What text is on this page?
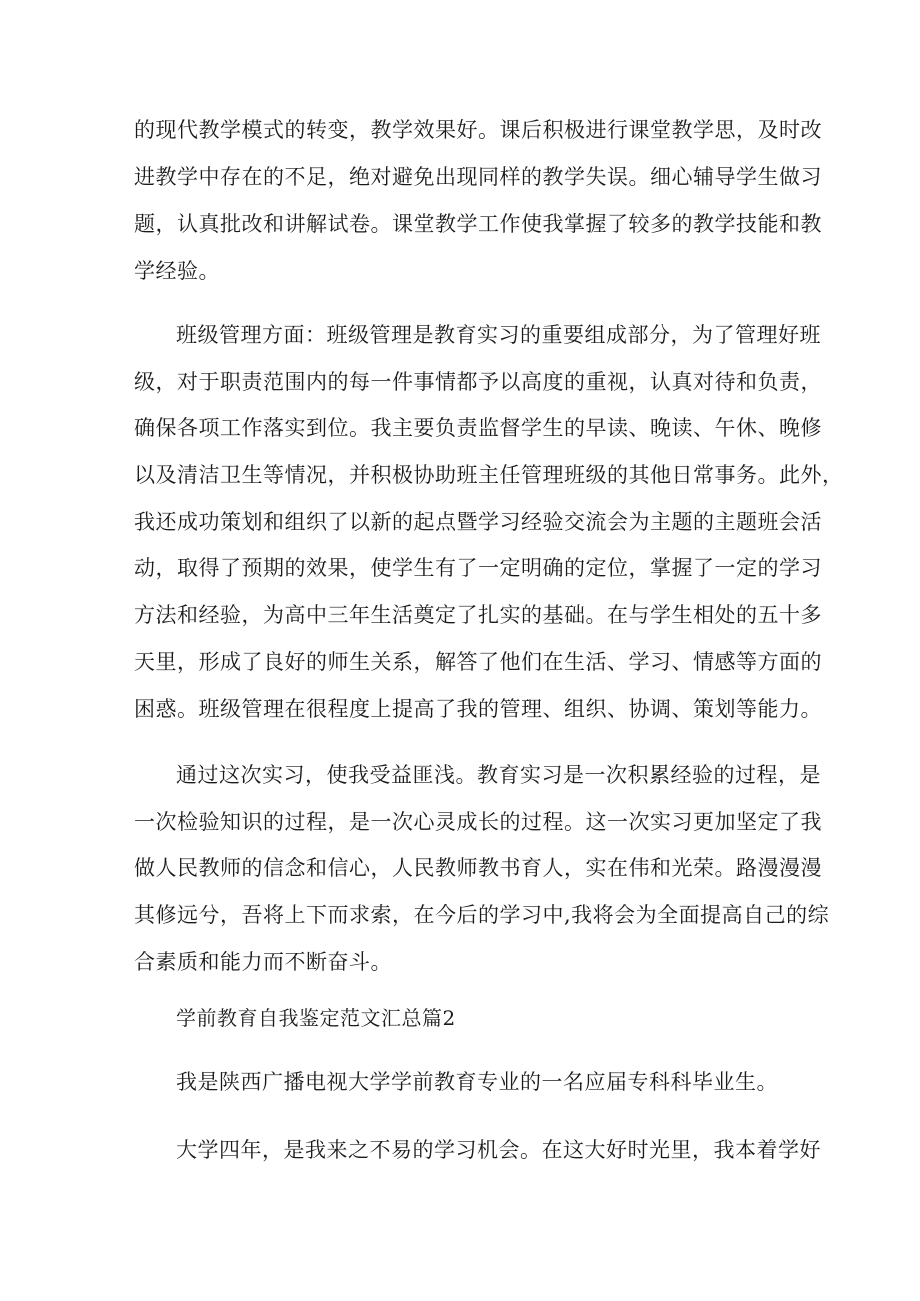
的现代教学模式的转变，教学效果好。课后积极进行课堂教学思，及时改
进教学中存在的不足，绝对避免出现同样的教学失误。细心辅导学生做习
题，认真批改和讲解试卷。课堂教学工作使我掌握了较多的教学技能和教
学经验。
班级管理方面：班级管理是教育实习的重要组成部分，为了管理好班
级，对于职责范围内的每一件事情都予以高度的重视，认真对待和负责，
确保各项工作落实到位。我主要负责监督学生的早读、晚读、午休、晚修
以及清洁卫生等情况，并积极协助班主任管理班级的其他日常事务。此外，
我还成功策划和组织了以新的起点暨学习经验交流会为主题的主题班会活
动，取得了预期的效果，使学生有了一定明确的定位，掌握了一定的学习
方法和经验，为高中三年生活奠定了扎实的基础。在与学生相处的五十多
天里，形成了良好的师生关系，解答了他们在生活、学习、情感等方面的
困惑。班级管理在很程度上提高了我的管理、组织、协调、策划等能力。
通过这次实习，使我受益匪浅。教育实习是一次积累经验的过程，是
一次检验知识的过程，是一次心灵成长的过程。这一次实习更加坚定了我
做人民教师的信念和信心，人民教师教书育人，实在伟和光荣。路漫漫漫
其修远兮，吾将上下而求索，在今后的学习中,我将会为全面提高自己的综
合素质和能力而不断奋斗。
学前教育自我鉴定范文汇总篇2
我是陕西广播电视大学学前教育专业的一名应届专科科毕业生。
大学四年，是我来之不易的学习机会。在这大好时光里，我本着学好
